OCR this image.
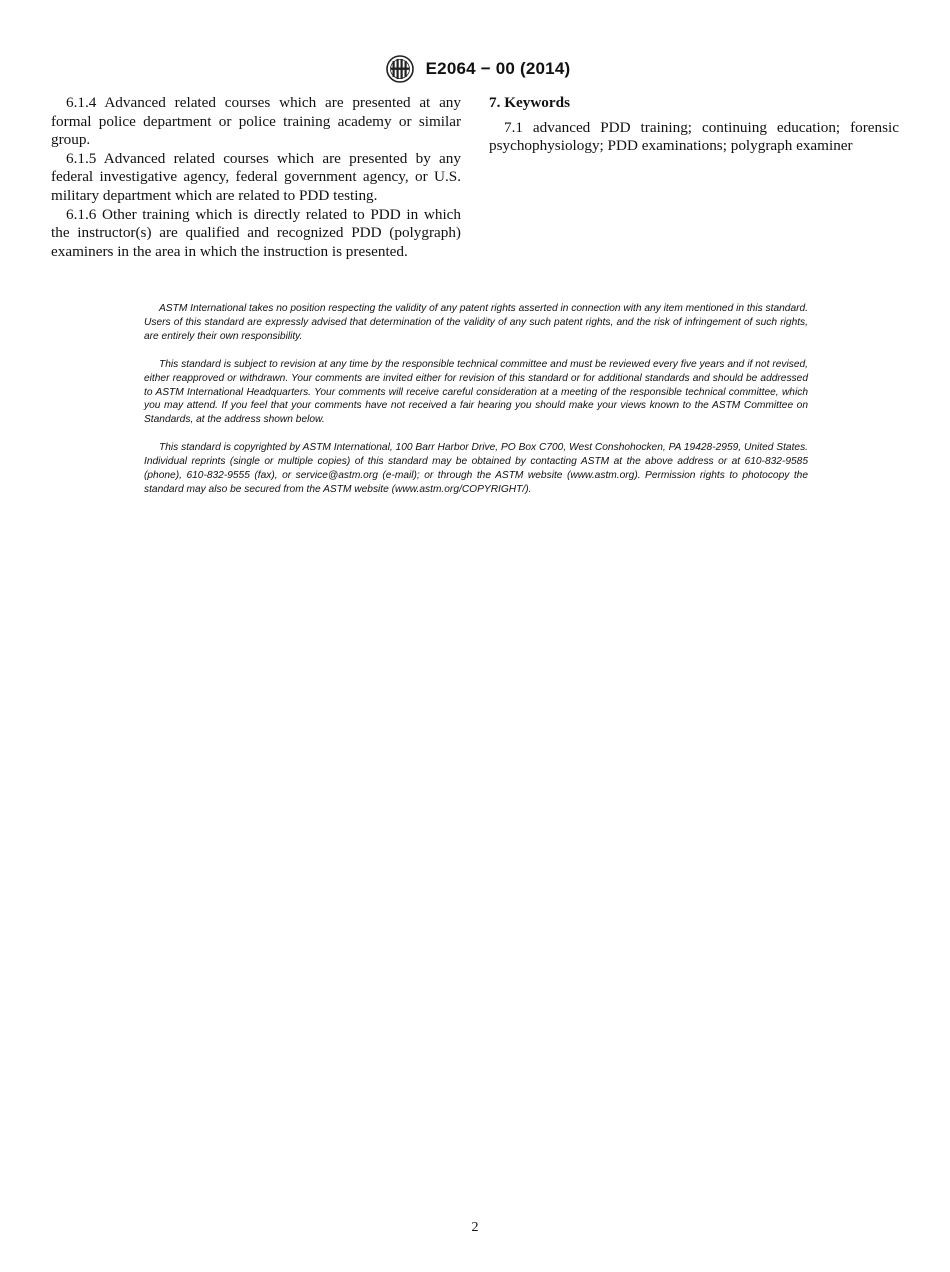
E2064 − 00 (2014)

6.1.4 Advanced related courses which are presented at any formal police department or police training academy or similar group.

6.1.5 Advanced related courses which are presented by any federal investigative agency, federal government agency, or U.S. military department which are related to PDD testing.

6.1.6 Other training which is directly related to PDD in which the instructor(s) are qualified and recognized PDD (polygraph) examiners in the area in which the instruction is presented.

7. Keywords

7.1 advanced PDD training; continuing education; forensic psychophysiology; PDD examinations; polygraph examiner

ASTM International takes no position respecting the validity of any patent rights asserted in connection with any item mentioned in this standard. Users of this standard are expressly advised that determination of the validity of any such patent rights, and the risk of infringement of such rights, are entirely their own responsibility.

This standard is subject to revision at any time by the responsible technical committee and must be reviewed every five years and if not revised, either reapproved or withdrawn. Your comments are invited either for revision of this standard or for additional standards and should be addressed to ASTM International Headquarters. Your comments will receive careful consideration at a meeting of the responsible technical committee, which you may attend. If you feel that your comments have not received a fair hearing you should make your views known to the ASTM Committee on Standards, at the address shown below.

This standard is copyrighted by ASTM International, 100 Barr Harbor Drive, PO Box C700, West Conshohocken, PA 19428-2959, United States. Individual reprints (single or multiple copies) of this standard may be obtained by contacting ASTM at the above address or at 610-832-9585 (phone), 610-832-9555 (fax), or service@astm.org (e-mail); or through the ASTM website (www.astm.org). Permission rights to photocopy the standard may also be secured from the ASTM website (www.astm.org/COPYRIGHT/).

2
